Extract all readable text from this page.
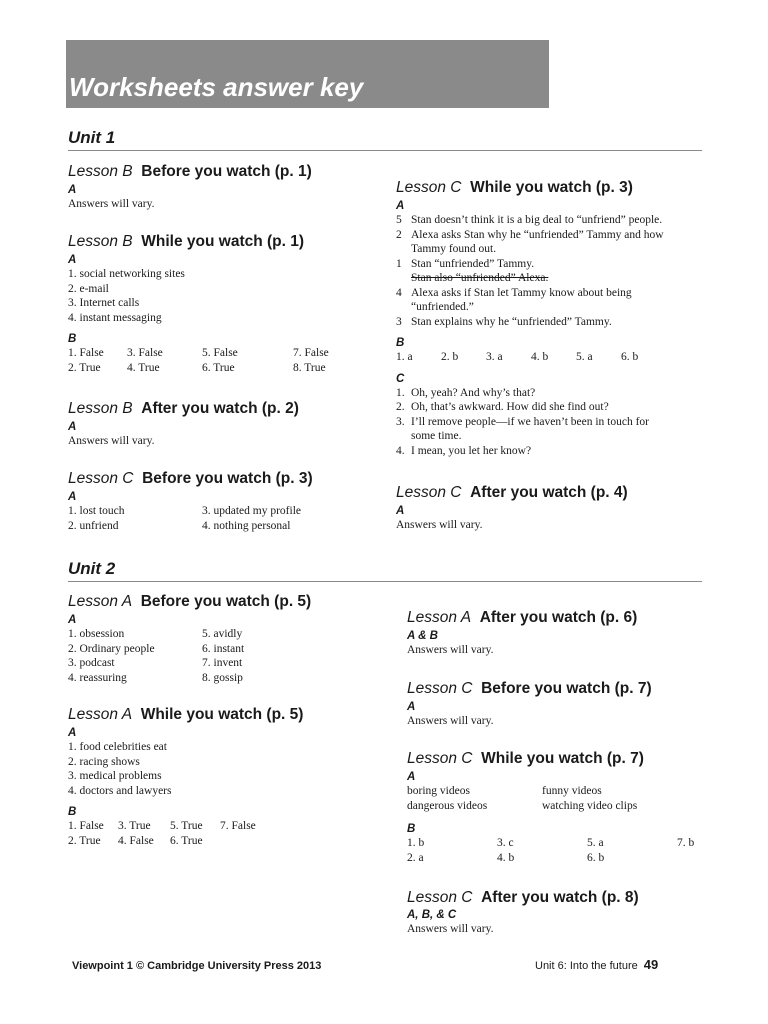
Worksheets answer key
Unit 1
Lesson B Before you watch (p. 1)
A
Answers will vary.
Lesson B While you watch (p. 1)
A
1. social networking sites
2. e-mail
3. Internet calls
4. instant messaging
B
1. False 3. False	5. False	7. False
2. True 4. True	6. True	8. True
Lesson B After you watch (p. 2)
A
Answers will vary.
Lesson C Before you watch (p. 3)
A
1. lost touch	3. updated my profile
2. unfriend	4. nothing personal
Lesson C While you watch (p. 3)
A
5 Stan doesn’t think it is a big deal to “unfriend” people.
2 Alexa asks Stan why he “unfriended” Tammy and how
Tammy found out.
1 Stan “unfriended” Tammy.
Stan also “unfriended” Alexa.
4 Alexa asks if Stan let Tammy know about being
“unfriended.”
3 Stan explains why he “unfriended” Tammy.
B
1. a 2. b 3. a 4. b 5. a 6. b
C
1. Oh, yeah? And why’s that?
2. Oh, that’s awkward. How did she find out?
3. I’ll remove people—if we haven’t been in touch for
some time.
4. I mean, you let her know?
Lesson C After you watch (p. 4)
A
Answers will vary.
Unit 2
Lesson A Before you watch (p. 5)
A
1. obsession	5. avidly
2. Ordinary people	6. instant
3. podcast	7. invent
4. reassuring	8. gossip
Lesson A While you watch (p. 5)
A
1. food celebrities eat
2. racing shows
3. medical problems
4. doctors and lawyers
B
1. False 3. True 5. True 7. False
2. True 4. False 6. True
Lesson A After you watch (p. 6)
A & B
Answers will vary.
Lesson C Before you watch (p. 7)
A
Answers will vary.
Lesson C While you watch (p. 7)
A
boring videos	funny videos
dangerous videos	watching video clips
B
1. b	3. c	5. a	7. b
2. a	4. b	6. b
Lesson C After you watch (p. 8)
A, B, & C
Answers will vary.
Viewpoint 1 © Cambridge University Press 2013	Unit 6: Into the future 49
